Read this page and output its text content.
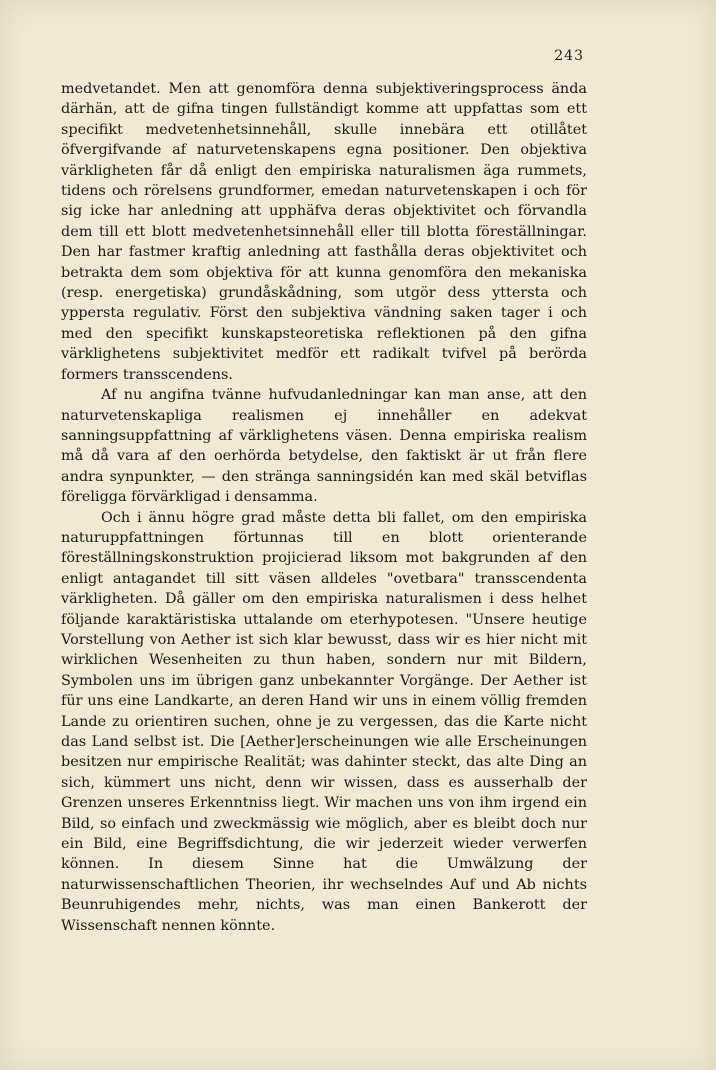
243

medvetandet. Men att genomföra denna subjektiveringsprocess ända därhän, att de gifna tingen fullständigt komme att uppfattas som ett specifikt medvetenhetsinnehåll, skulle innebära ett otillåtet öfvergifvande af naturvetenskapens egna positioner. Den objektiva värkligheten får då enligt den empiriska naturalismen äga rummets, tidens och rörelsens grundformer, emedan naturvetenskapen i och för sig icke har anledning att upphäfva deras objektivitet och förvandla dem till ett blott medvetenhetsinnehåll eller till blotta föreställningar. Den har fastmer kraftig anledning att fasthålla deras objektivitet och betrakta dem som objektiva för att kunna genomföra den mekaniska (resp. energetiska) grundåskådning, som utgör dess yttersta och yppersta regulativ. Först den subjektiva vändning saken tager i och med den specifikt kunskapsteoretiska reflektionen på den gifna värklighetens subjektivitet medför ett radikalt tvifvel på berörda formers transscendens.

Af nu angifna tvänne hufvudanledningar kan man anse, att den naturvetenskapliga realismen ej innehåller en adekvat sanningsuppfattning af värklighetens väsen. Denna empiriska realism må då vara af den oerhörda betydelse, den faktiskt är ut från flere andra synpunkter, — den stränga sanningsidén kan med skäl betviflas föreligga förvärkligad i densamma.

Och i ännu högre grad måste detta bli fallet, om den empiriska naturuppfattningen förtunnas till en blott orienterande föreställningskonstruktion projicierad liksom mot bakgrunden af den enligt antagandet till sitt väsen alldeles "ovetbara" transscendenta värkligheten. Då gäller om den empiriska naturalismen i dess helhet följande karaktäristiska uttalande om eterhypotesen. "Unsere heutige Vorstellung von Aether ist sich klar bewusst, dass wir es hier nicht mit wirklichen Wesenheiten zu thun haben, sondern nur mit Bildern, Symbolen uns im übrigen ganz unbekannter Vorgänge. Der Aether ist für uns eine Landkarte, an deren Hand wir uns in einem völlig fremden Lande zu orientiren suchen, ohne je zu vergessen, das die Karte nicht das Land selbst ist. Die [Aether]erscheinungen wie alle Erscheinungen besitzen nur empirische Realität; was dahinter steckt, das alte Ding an sich, kümmert uns nicht, denn wir wissen, dass es ausserhalb der Grenzen unseres Erkenntniss liegt. Wir machen uns von ihm irgend ein Bild, so einfach und zweckmässig wie möglich, aber es bleibt doch nur ein Bild, eine Begriffsdichtung, die wir jederzeit wieder verwerfen können. In diesem Sinne hat die Umwälzung der naturwissenschaftlichen Theorien, ihr wechselndes Auf und Ab nichts Beunruhigendes mehr, nichts, was man einen Bankerott der Wissenschaft nennen könnte.
